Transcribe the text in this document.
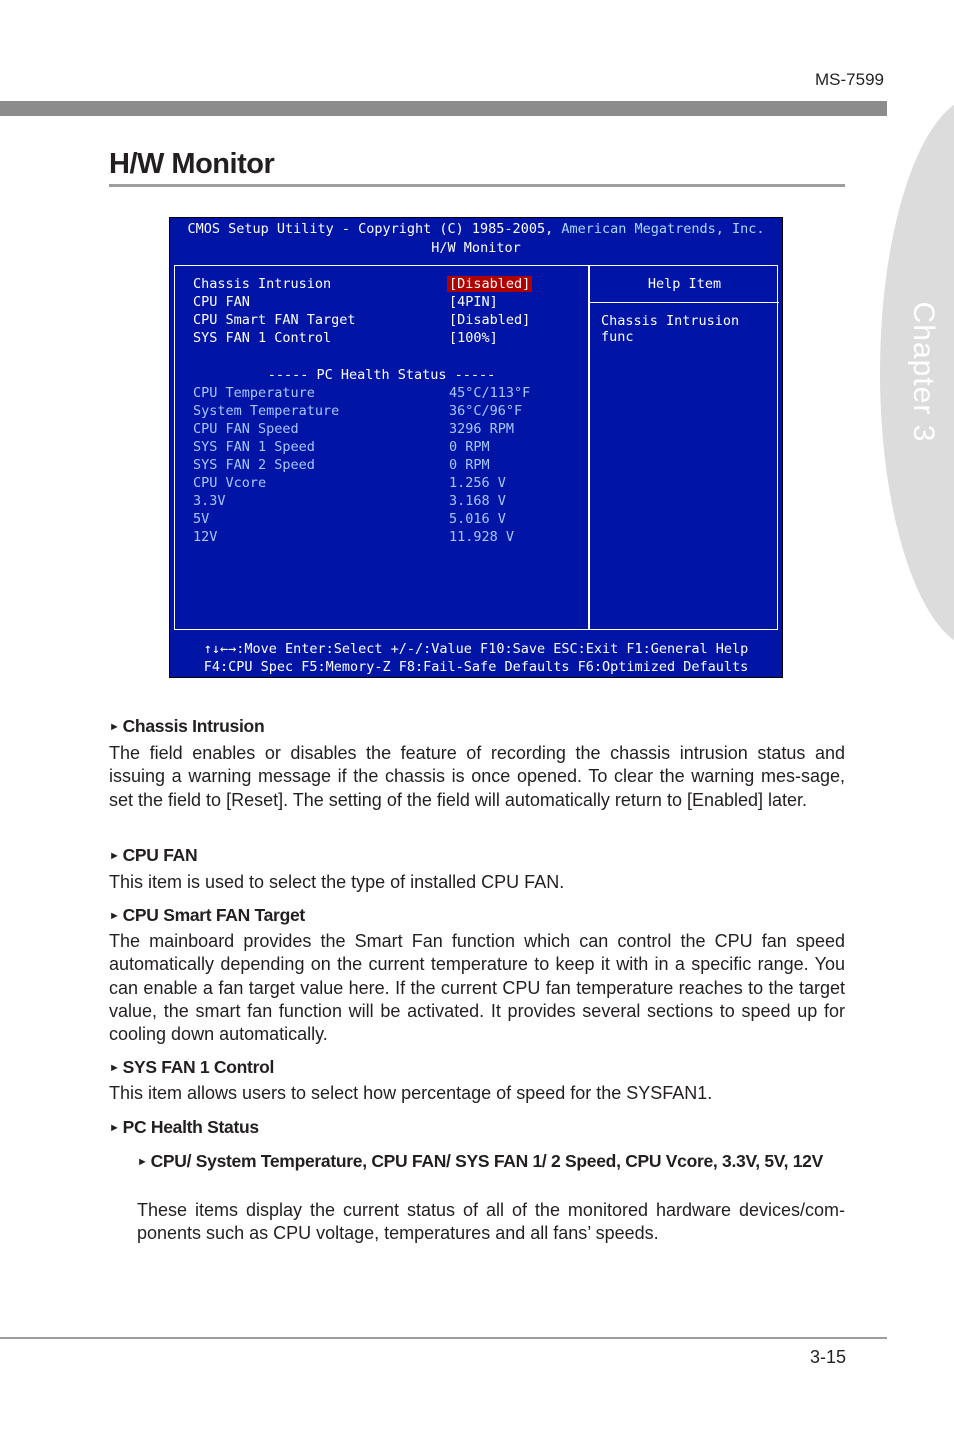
MS-7599
Chapter 3
H/W Monitor
CMOS Setup Utility - Copyright (C) 1985-2005, American Megatrends, Inc.
H/W Monitor
Help Item
Chassis Intrusion func
Chassis Intrusion	[Disabled]
CPU FAN	[4PIN]
CPU Smart FAN Target	[Disabled]
SYS FAN 1 Control	[100%]
----- PC Health Status -----
CPU Temperature	45°C/113°F
System Temperature	36°C/96°F
CPU FAN Speed	3296 RPM
SYS FAN 1 Speed	0 RPM
SYS FAN 2 Speed	0 RPM
CPU Vcore	1.256 V
3.3V	3.168 V
5V	5.016 V
12V	11.928 V
↑↓←→:Move Enter:Select +/-/:Value F10:Save ESC:Exit F1:General Help
F4:CPU Spec F5:Memory-Z F8:Fail-Safe Defaults F6:Optimized Defaults
► Chassis Intrusion
The field enables or disables the feature of recording the chassis intrusion status and issuing a warning message if the chassis is once opened. To clear the warning mes-sage, set the field to [Reset]. The setting of the field will automatically return to [Enabled] later.
► CPU FAN
This item is used to select the type of installed CPU FAN.
► CPU Smart FAN Target
The mainboard provides the Smart Fan function which can control the CPU fan speed automatically depending on the current temperature to keep it with in a specific range. You can enable a fan target value here. If the current CPU fan temperature reaches to the target value, the smart fan function will be activated. It provides several sections to speed up for cooling down automatically.
► SYS FAN 1 Control
This item allows users to select how percentage of speed for the SYSFAN1.
► PC Health Status
► CPU/ System Temperature, CPU FAN/ SYS FAN 1/ 2 Speed, CPU Vcore, 3.3V, 5V, 12V
These items display the current status of all of the monitored hardware devices/com-ponents such as CPU voltage, temperatures and all fans’ speeds.
3-15
